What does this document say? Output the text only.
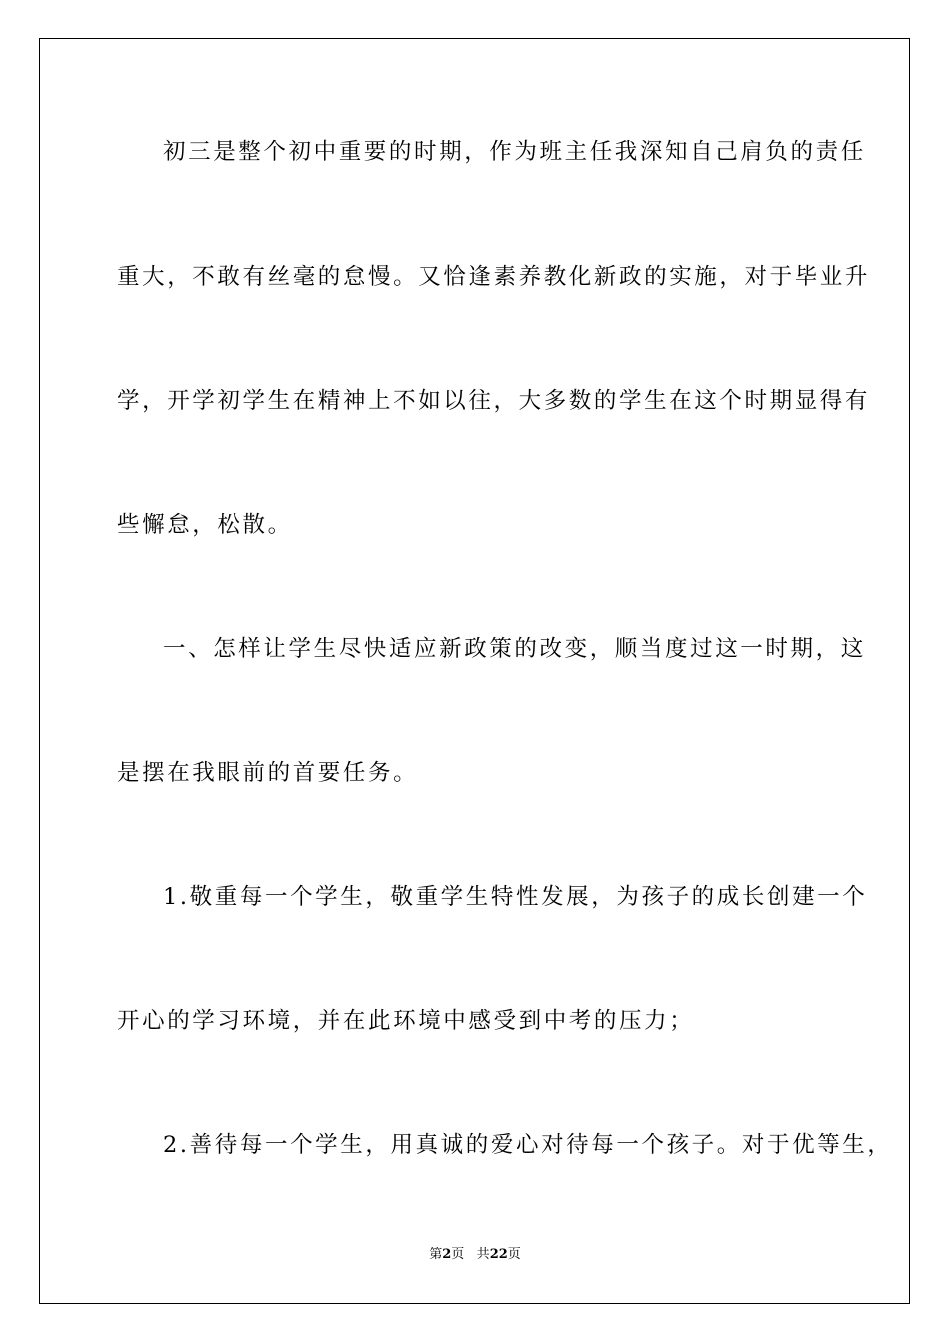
初三是整个初中重要的时期，作为班主任我深知自己肩负的责任
重大，不敢有丝毫的怠慢。又恰逢素养教化新政的实施，对于毕业升
学，开学初学生在精神上不如以往，大多数的学生在这个时期显得有
些懈怠，松散。
一、怎样让学生尽快适应新政策的改变，顺当度过这一时期，这
是摆在我眼前的首要任务。
1.敬重每一个学生，敬重学生特性发展，为孩子的成长创建一个
开心的学习环境，并在此环境中感受到中考的压力；
2.善待每一个学生，用真诚的爱心对待每一个孩子。对于优等生，
第2页 共22页
